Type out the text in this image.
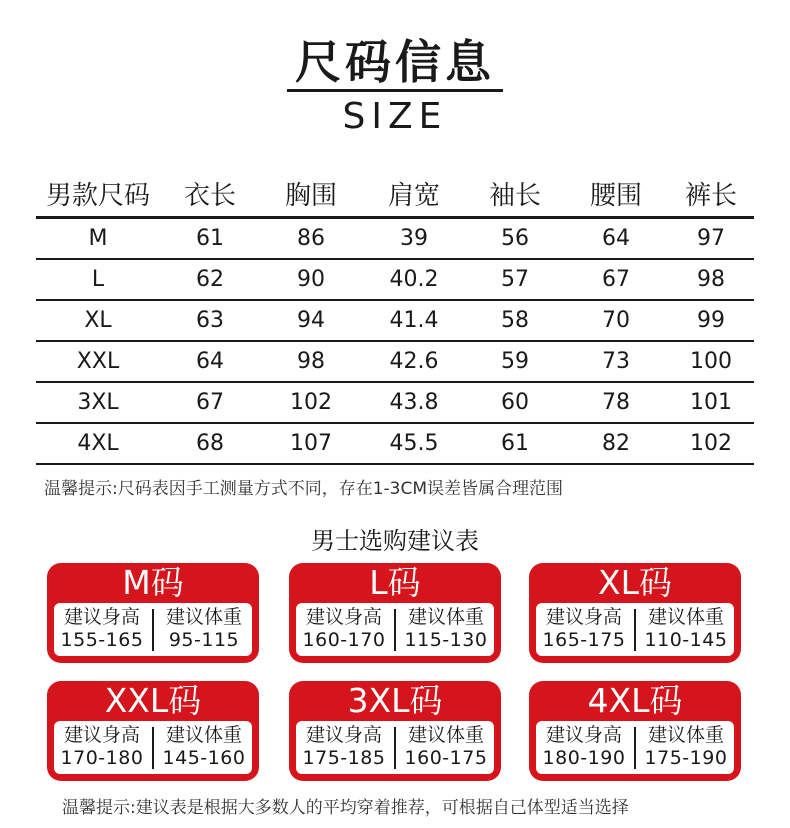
尺码信息
SIZE
男款尺码	衣长	胸围	肩宽	袖长	腰围	裤长
M	61	86	39	56	64	97
L	62	90	40.2	57	67	98
XL	63	94	41.4	58	70	99
XXL	64	98	42.6	59	73	100
3XL	67	102	43.8	60	78	101
4XL	68	107	45.5	61	82	102
温馨提示:尺码表因手工测量方式不同，存在1-3CM误差皆属合理范围
男士选购建议表
M码
建议身高
155-165
建议体重
95-115
L码
建议身高
160-170
建议体重
115-130
XL码
建议身高
165-175
建议体重
110-145
XXL码
建议身高
170-180
建议体重
145-160
3XL码
建议身高
175-185
建议体重
160-175
4XL码
建议身高
180-190
建议体重
175-190
温馨提示:建议表是根据大多数人的平均穿着推荐，可根据自己体型适当选择
